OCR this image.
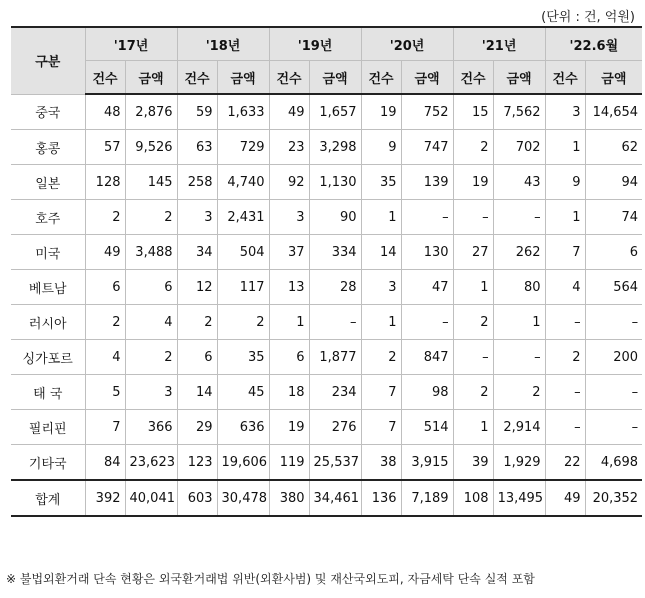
(단위 : 건, 억원)
구분	'17년		'18년		'19년		'20년		'21년		'22.6월	
	건수	금액	건수	금액	건수	금액	건수	금액	건수	금액	건수	금액
중국	48	2,876	59	1,633	49	1,657	19	752	15	7,562	3	14,654
홍콩	57	9,526	63	729	23	3,298	9	747	2	702	1	62
일본	128	145	258	4,740	92	1,130	35	139	19	43	9	94
호주	2	2	3	2,431	3	90	1	–	–	–	1	74
미국	49	3,488	34	504	37	334	14	130	27	262	7	6
베트남	6	6	12	117	13	28	3	47	1	80	4	564
러시아	2	4	2	2	1	–	1	–	2	1	–	–
싱가포르	4	2	6	35	6	1,877	2	847	–	–	2	200
태 국	5	3	14	45	18	234	7	98	2	2	–	–
필리핀	7	366	29	636	19	276	7	514	1	2,914	–	–
기타국	84	23,623	123	19,606	119	25,537	38	3,915	39	1,929	22	4,698
합계	392	40,041	603	30,478	380	34,461	136	7,189	108	13,495	49	20,352
※ 불법외환거래 단속 현황은 외국환거래법 위반(외환사범) 및 재산국외도피, 자금세탁 단속 실적 포함
